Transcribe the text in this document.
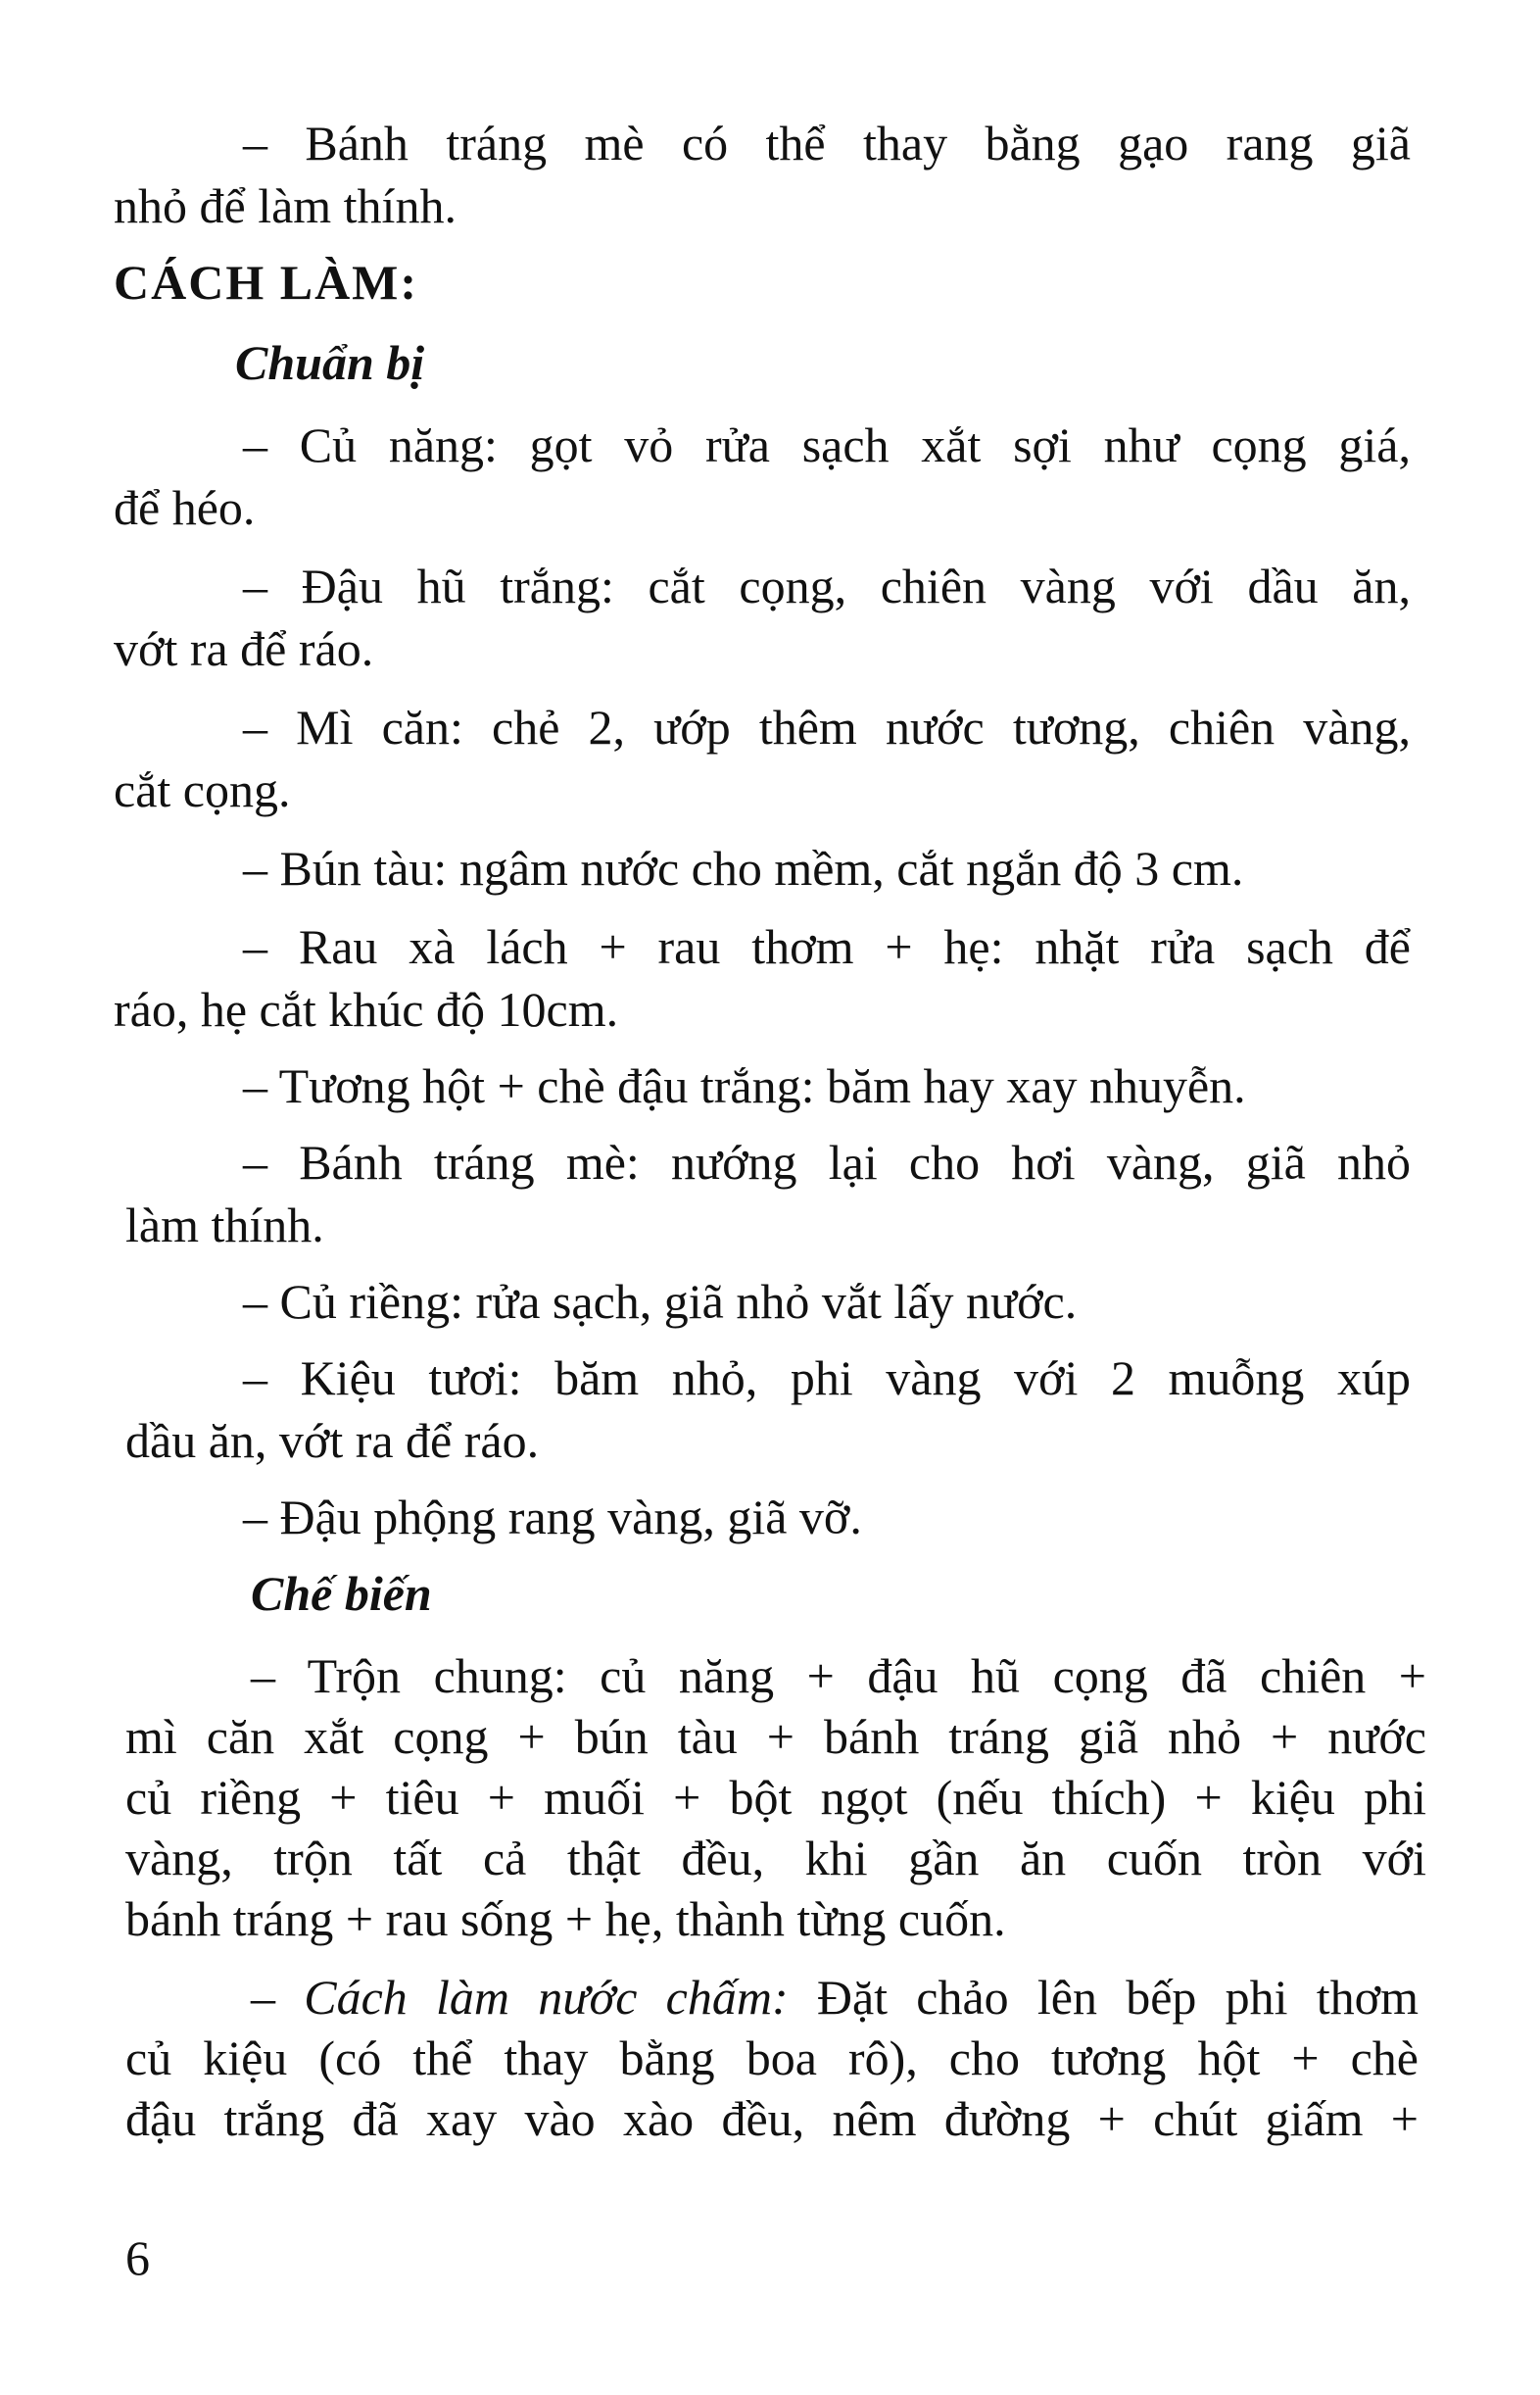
– Bánh tráng mè có thể thay bằng gạo rang giã
nhỏ để làm thính.
CÁCH LÀM:
Chuẩn bị
– Củ năng: gọt vỏ rửa sạch xắt sợi như cọng giá,
để héo.
– Đậu hũ trắng: cắt cọng, chiên vàng với dầu ăn,
vớt ra để ráo.
– Mì căn: chẻ 2, ướp thêm nước tương, chiên vàng,
cắt cọng.
– Bún tàu: ngâm nước cho mềm, cắt ngắn độ 3 cm.
– Rau xà lách + rau thơm + hẹ: nhặt rửa sạch để
ráo, hẹ cắt khúc độ 10cm.
– Tương hột + chè đậu trắng: băm hay xay nhuyễn.
– Bánh tráng mè: nướng lại cho hơi vàng, giã nhỏ
làm thính.
– Củ riềng: rửa sạch, giã nhỏ vắt lấy nước.
– Kiệu tươi: băm nhỏ, phi vàng với 2 muỗng xúp
dầu ăn, vớt ra để ráo.
– Đậu phộng rang vàng, giã vỡ.
Chế biến
– Trộn chung: củ năng + đậu hũ cọng đã chiên +
mì căn xắt cọng + bún tàu + bánh tráng giã nhỏ + nước
củ riềng + tiêu + muối + bột ngọt (nếu thích) + kiệu phi
vàng, trộn tất cả thật đều, khi gần ăn cuốn tròn với
bánh tráng + rau sống + hẹ, thành từng cuốn.
– Cách làm nước chấm: Đặt chảo lên bếp phi thơm
củ kiệu (có thể thay bằng boa rô), cho tương hột + chè
đậu trắng đã xay vào xào đều, nêm đường + chút giấm +
6
